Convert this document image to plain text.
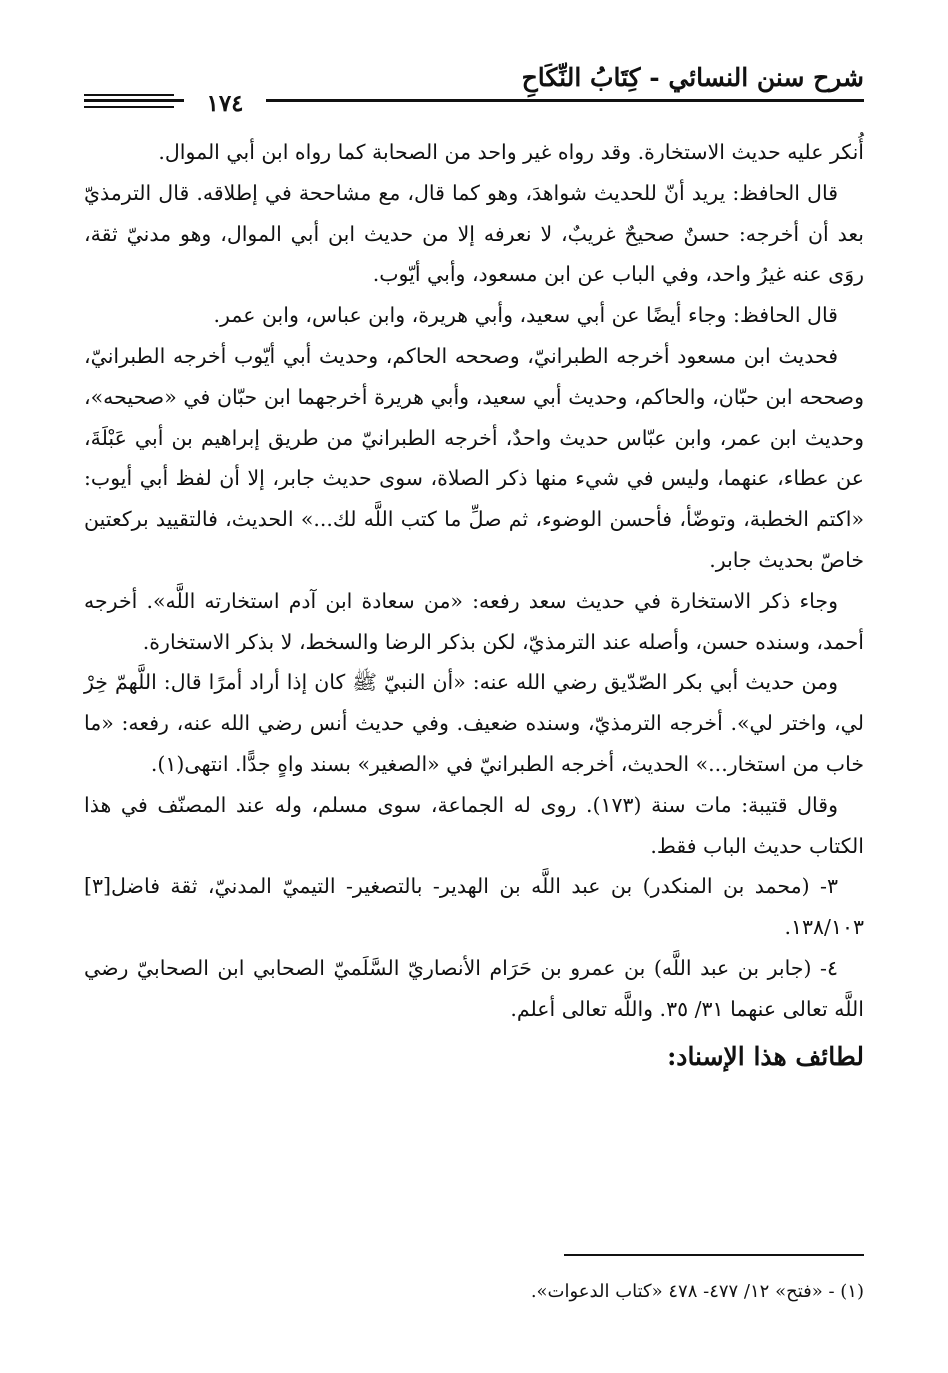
شرح سنن النسائي - كِتَابُ النِّكَاحِ
١٧٤

أُنكر عليه حديث الاستخارة. وقد رواه غير واحد من الصحابة كما رواه ابن أبي الموال.

قال الحافظ: يريد أنّ للحديث شواهدَ، وهو كما قال، مع مشاححة في إطلاقه. قال الترمذيّ بعد أن أخرجه: حسنٌ صحيحٌ غريبٌ، لا نعرفه إلا من حديث ابن أبي الموال، وهو مدنيّ ثقة، روَى عنه غيرُ واحد، وفي الباب عن ابن مسعود، وأبي أيّوب.

قال الحافظ: وجاء أيضًا عن أبي سعيد، وأبي هريرة، وابن عباس، وابن عمر.

فحديث ابن مسعود أخرجه الطبرانيّ، وصححه الحاكم، وحديث أبي أيّوب أخرجه الطبرانيّ، وصححه ابن حبّان، والحاكم، وحديث أبي سعيد، وأبي هريرة أخرجهما ابن حبّان في «صحيحه»، وحديث ابن عمر، وابن عبّاس حديث واحدٌ، أخرجه الطبرانيّ من طريق إبراهيم بن أبي عَبْلَةَ، عن عطاء، عنهما، وليس في شيء منها ذكر الصلاة، سوى حديث جابر، إلا أن لفظ أبي أيوب: «اكتم الخطبة، وتوضّأ، فأحسن الوضوء، ثم صلِّ ما كتب اللَّه لك...» الحديث، فالتقييد بركعتين خاصّ بحديث جابر.

وجاء ذكر الاستخارة في حديث سعد رفعه: «من سعادة ابن آدم استخارته اللَّه». أخرجه أحمد، وسنده حسن، وأصله عند الترمذيّ، لكن بذكر الرضا والسخط، لا بذكر الاستخارة.

ومن حديث أبي بكر الصّدّيق رضي الله عنه: «أن النبيّ ﷺ كان إذا أراد أمرًا قال: اللَّهمّ خِرْ لي، واختر لي». أخرجه الترمذيّ، وسنده ضعيف. وفي حديث أنس رضي الله عنه، رفعه: «ما خاب من استخار...» الحديث، أخرجه الطبرانيّ في «الصغير» بسند واهٍ جدًّا. انتهى(١).

وقال قتيبة: مات سنة (١٧٣). روى له الجماعة، سوى مسلم، وله عند المصنّف في هذا الكتاب حديث الباب فقط.

٣- (محمد بن المنكدر) بن عبد اللَّه بن الهدير- بالتصغير- التيميّ المدنيّ، ثقة فاضل[٣] ١٣٨/١٠٣.

٤- (جابر بن عبد اللَّه) بن عمرو بن حَرَام الأنصاريّ السَّلَميّ الصحابي ابن الصحابيّ رضي اللَّه تعالى عنهما ٣١/ ٣٥. واللَّه تعالى أعلم.

لطائف هذا الإسناد:
(١) - «فتح» ١٢/ ٤٧٧- ٤٧٨ «كتاب الدعوات».
